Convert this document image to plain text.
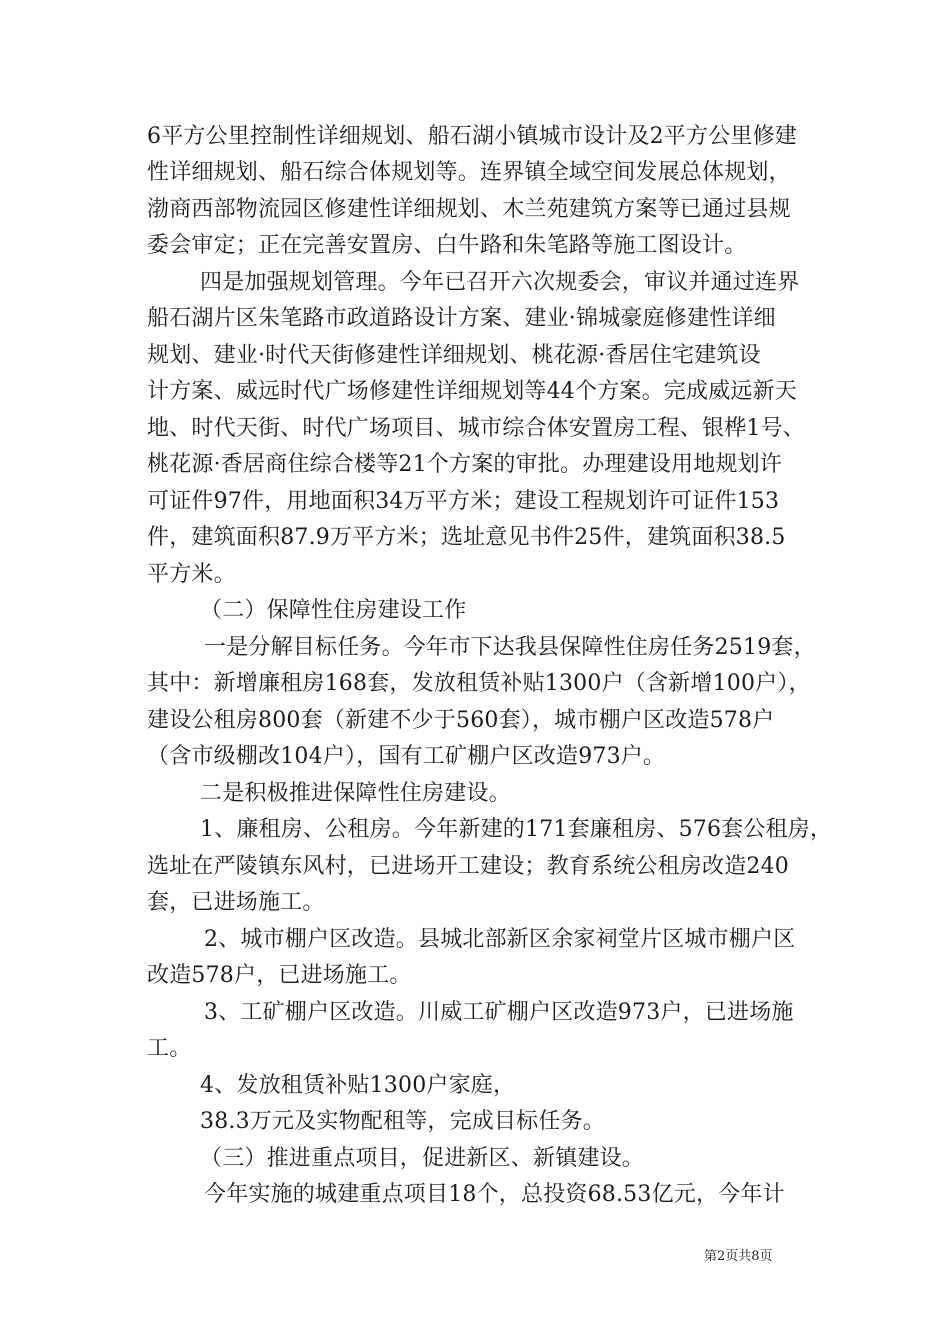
6平方公里控制性详细规划、船石湖小镇城市设计及2平方公里修建
性详细规划、船石综合体规划等。连界镇全域空间发展总体规划，
渤商西部物流园区修建性详细规划、木兰苑建筑方案等已通过县规
委会审定；正在完善安置房、白牛路和朱笔路等施工图设计。
四是加强规划管理。今年已召开六次规委会，审议并通过连界
船石湖片区朱笔路市政道路设计方案、建业·锦城豪庭修建性详细
规划、建业·时代天街修建性详细规划、桃花源·香居住宅建筑设
计方案、威远时代广场修建性详细规划等44个方案。完成威远新天
地、时代天街、时代广场项目、城市综合体安置房工程、银桦1号、
桃花源·香居商住综合楼等21个方案的审批。办理建设用地规划许
可证件97件，用地面积34万平方米；建设工程规划许可证件153
件，建筑面积87.9万平方米；选址意见书件25件，建筑面积38.5
平方米。
（二）保障性住房建设工作
一是分解目标任务。今年市下达我县保障性住房任务2519套，
其中：新增廉租房168套，发放租赁补贴1300户（含新增100户），
建设公租房800套（新建不少于560套），城市棚户区改造578户
（含市级棚改104户），国有工矿棚户区改造973户。
二是积极推进保障性住房建设。
1、廉租房、公租房。今年新建的171套廉租房、576套公租房，
选址在严陵镇东风村，已进场开工建设；教育系统公租房改造240
套，已进场施工。
2、城市棚户区改造。县城北部新区余家祠堂片区城市棚户区
改造578户，已进场施工。
3、工矿棚户区改造。川威工矿棚户区改造973户，已进场施
工。
4、发放租赁补贴1300户家庭，
38.3万元及实物配租等，完成目标任务。
（三）推进重点项目，促进新区、新镇建设。
今年实施的城建重点项目18个，总投资68.53亿元，今年计
第2页共8页
